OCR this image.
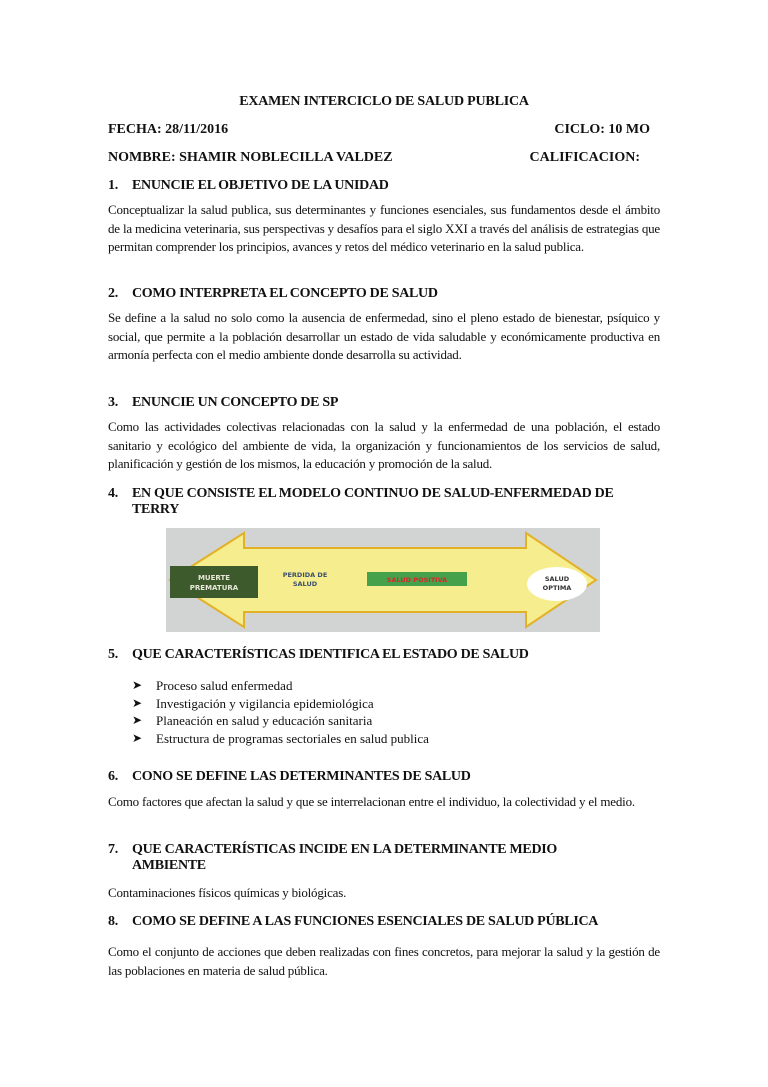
EXAMEN INTERCICLO DE SALUD PUBLICA
FECHA: 28/11/2016	CICLO: 10 MO
NOMBRE: SHAMIR NOBLECILLA VALDEZ	CALIFICACION:
1. ENUNCIE EL OBJETIVO DE LA UNIDAD
Conceptualizar la salud publica, sus determinantes y funciones esenciales, sus fundamentos desde el ámbito de la medicina veterinaria, sus perspectivas y desafíos para el siglo XXI a través del análisis de estrategias que permitan comprender los principios, avances y retos del médico veterinario en la salud publica.
2. COMO INTERPRETA EL CONCEPTO DE SALUD
Se define a la salud no solo como la ausencia de enfermedad, sino el pleno estado de bienestar, psíquico y social, que permite a la población desarrollar un estado de vida saludable y económicamente productiva en armonía perfecta con el medio ambiente donde desarrolla su actividad.
3. ENUNCIE UN CONCEPTO DE SP
Como las actividades colectivas relacionadas con la salud y la enfermedad de una población, el estado sanitario y ecológico del ambiente de vida, la organización y funcionamientos de los servicios de salud, planificación y gestión de los mismos, la educación y promoción de la salud.
4. EN QUE CONSISTE EL MODELO CONTINUO DE SALUD-ENFERMEDAD DE TERRY
MUERTE
PREMATURA
PERDIDA DE
SALUD	SALUD POSITIVA	SALUD
OPTIMA
5. QUE CARACTERÍSTICAS IDENTIFICA EL ESTADO DE SALUD
➤ Proceso salud enfermedad
➤ Investigación y vigilancia epidemiológica
➤ Planeación en salud y educación sanitaria
➤ Estructura de programas sectoriales en salud publica
6. CONO SE DEFINE LAS DETERMINANTES DE SALUD
Como factores que afectan la salud y que se interrelacionan entre el individuo, la colectividad y el medio.
7. QUE CARACTERÍSTICAS INCIDE EN LA DETERMINANTE MEDIO AMBIENTE
Contaminaciones físicos químicas y biológicas.
8. COMO SE DEFINE A LAS FUNCIONES ESENCIALES DE SALUD PÚBLICA
Como el conjunto de acciones que deben realizadas con fines concretos, para mejorar la salud y la gestión de las poblaciones en materia de salud pública.
